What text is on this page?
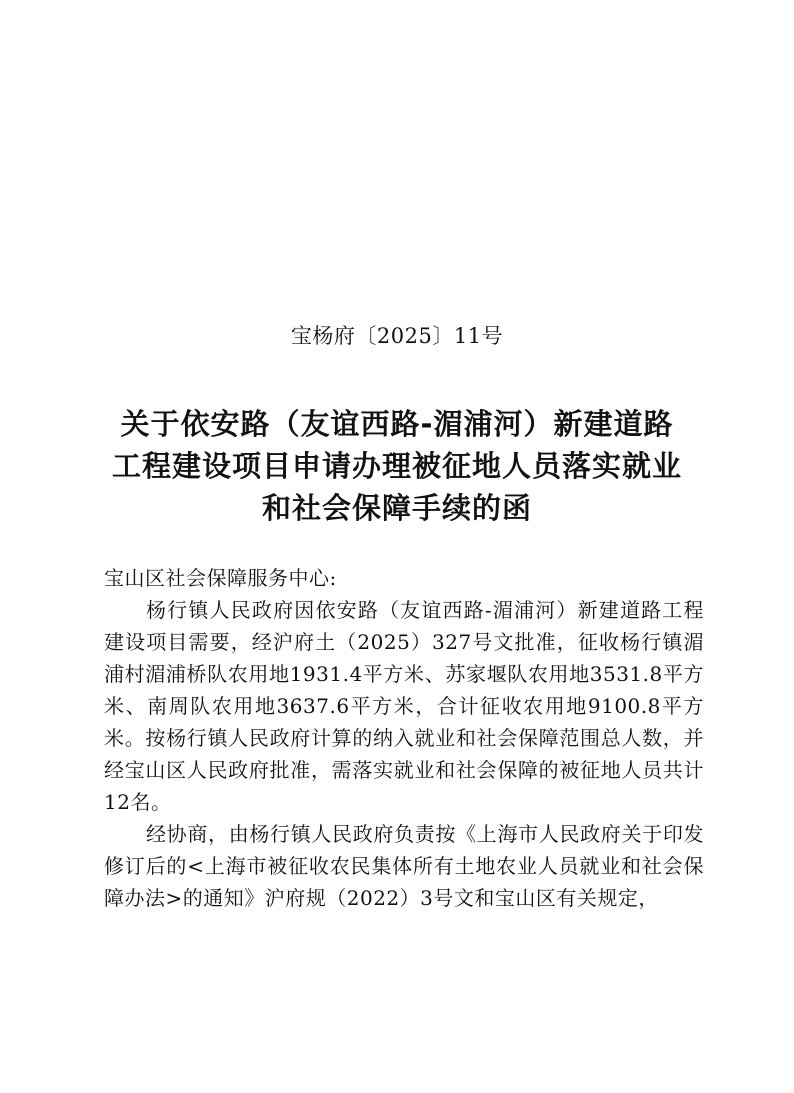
宝杨府〔2025〕11号
关于依安路（友谊西路-湄浦河）新建道路
工程建设项目申请办理被征地人员落实就业
和社会保障手续的函

宝山区社会保障服务中心:

杨行镇人民政府因依安路（友谊西路-湄浦河）新建道路工程建设项目需要，经沪府土（2025）327号文批准，征收杨行镇湄浦村湄浦桥队农用地1931.4平方米、苏家堰队农用地3531.8平方米、南周队农用地3637.6平方米，合计征收农用地9100.8平方米。按杨行镇人民政府计算的纳入就业和社会保障范围总人数，并经宝山区人民政府批准，需落实就业和社会保障的被征地人员共计12名。

经协商，由杨行镇人民政府负责按《上海市人民政府关于印发修订后的<上海市被征收农民集体所有土地农业人员就业和社会保障办法>的通知》沪府规（2022）3号文和宝山区有关规定，
